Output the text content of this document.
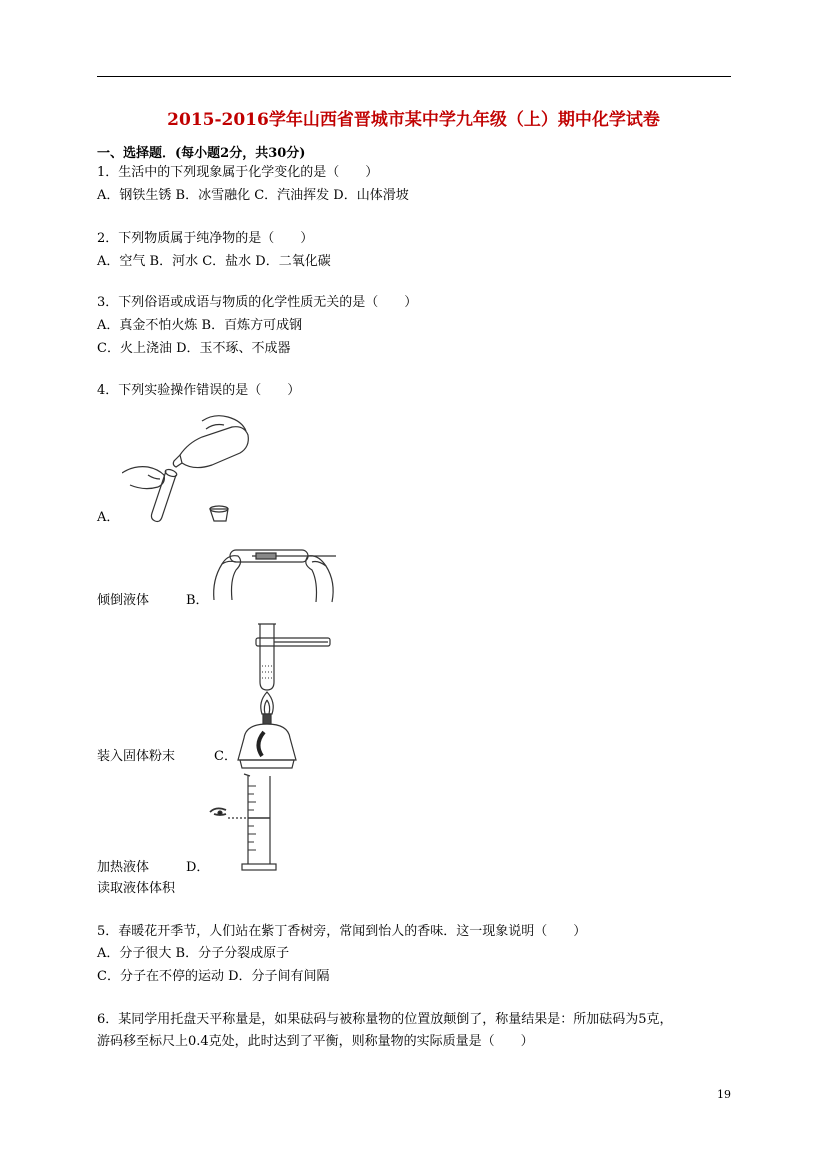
2015-2016学年山西省晋城市某中学九年级（上）期中化学试卷
一、选择题．(每小题2分，共30分)
1．生活中的下列现象属于化学变化的是（　　）
A．钢铁生锈 B．冰雪融化 C．汽油挥发 D．山体滑坡
2．下列物质属于纯净物的是（　　）
A．空气 B．河水 C．盐水 D．二氧化碳
3．下列俗语或成语与物质的化学性质无关的是（　　）
A．真金不怕火炼 B．百炼方可成钢
C．火上浇油 D．玉不琢、不成器
4．下列实验操作错误的是（　　）
A．
倾倒液体	B．
装入固体粉末	C．
加热液体	D．
读取液体体积
5．春暖花开季节，人们站在紫丁香树旁，常闻到怡人的香味．这一现象说明（　　）
A．分子很大 B．分子分裂成原子
C．分子在不停的运动 D．分子间有间隔
6．某同学用托盘天平称量是，如果砝码与被称量物的位置放颠倒了，称量结果是：所加砝码为5克，
游码移至标尺上0.4克处，此时达到了平衡，则称量物的实际质量是（　　）
19
